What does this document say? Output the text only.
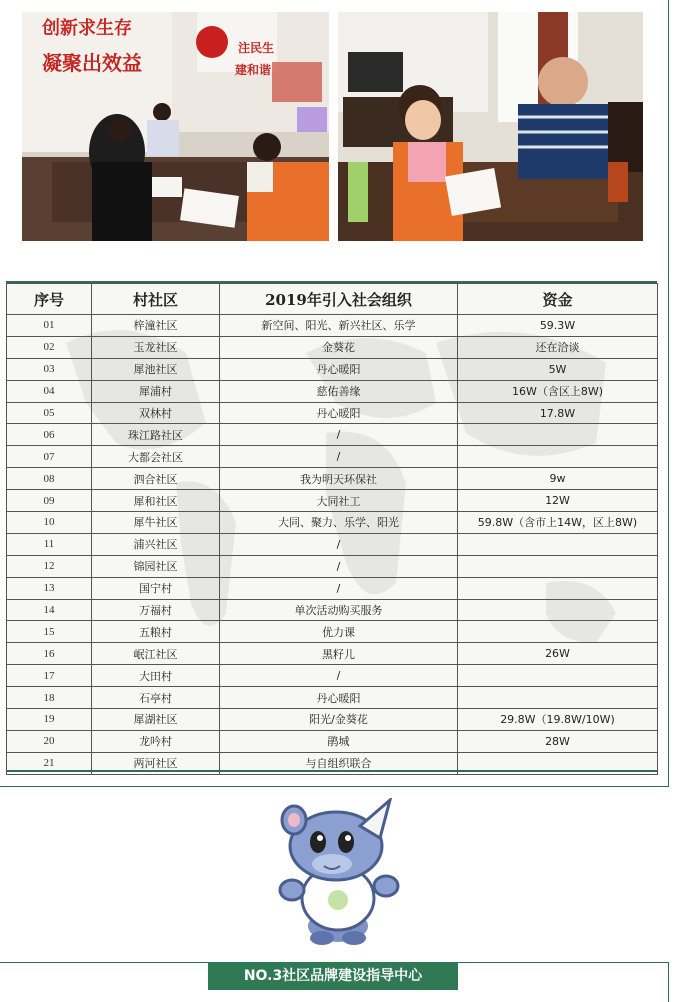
创新求生存
凝聚出效益
注民生
建和谐
序号	村社区	2019年引入社会组织	资金
01	梓潼社区	新空间、阳光、新兴社区、乐学	59.3W
02	玉龙社区	金葵花	还在洽谈
03	犀池社区	丹心暖阳	5W
04	犀浦村	慈佑善缘	16W（含区上8W)
05	双林村	丹心暖阳	17.8W
06	珠江路社区	/	
07	大都会社区	/	
08	泗合社区	我为明天环保社	9w
09	犀和社区	大同社工	12W
10	犀牛社区	大同、聚力、乐学、阳光	59.8W（含市上14W，区上8W)
11	浦兴社区	/	
12	锦园社区	/	
13	国宁村	/	
14	万福村	单次活动购买服务	
15	五粮村	优力课	
16	岷江社区	黑籽儿	26W
17	大田村	/	
18	石亭村	丹心暖阳	
19	犀湖社区	阳光/金葵花	29.8W（19.8W/10W)
20	龙吟村	鹃城	28W
21	两河社区	与自组织联合	
NO.3社区品牌建设指导中心
